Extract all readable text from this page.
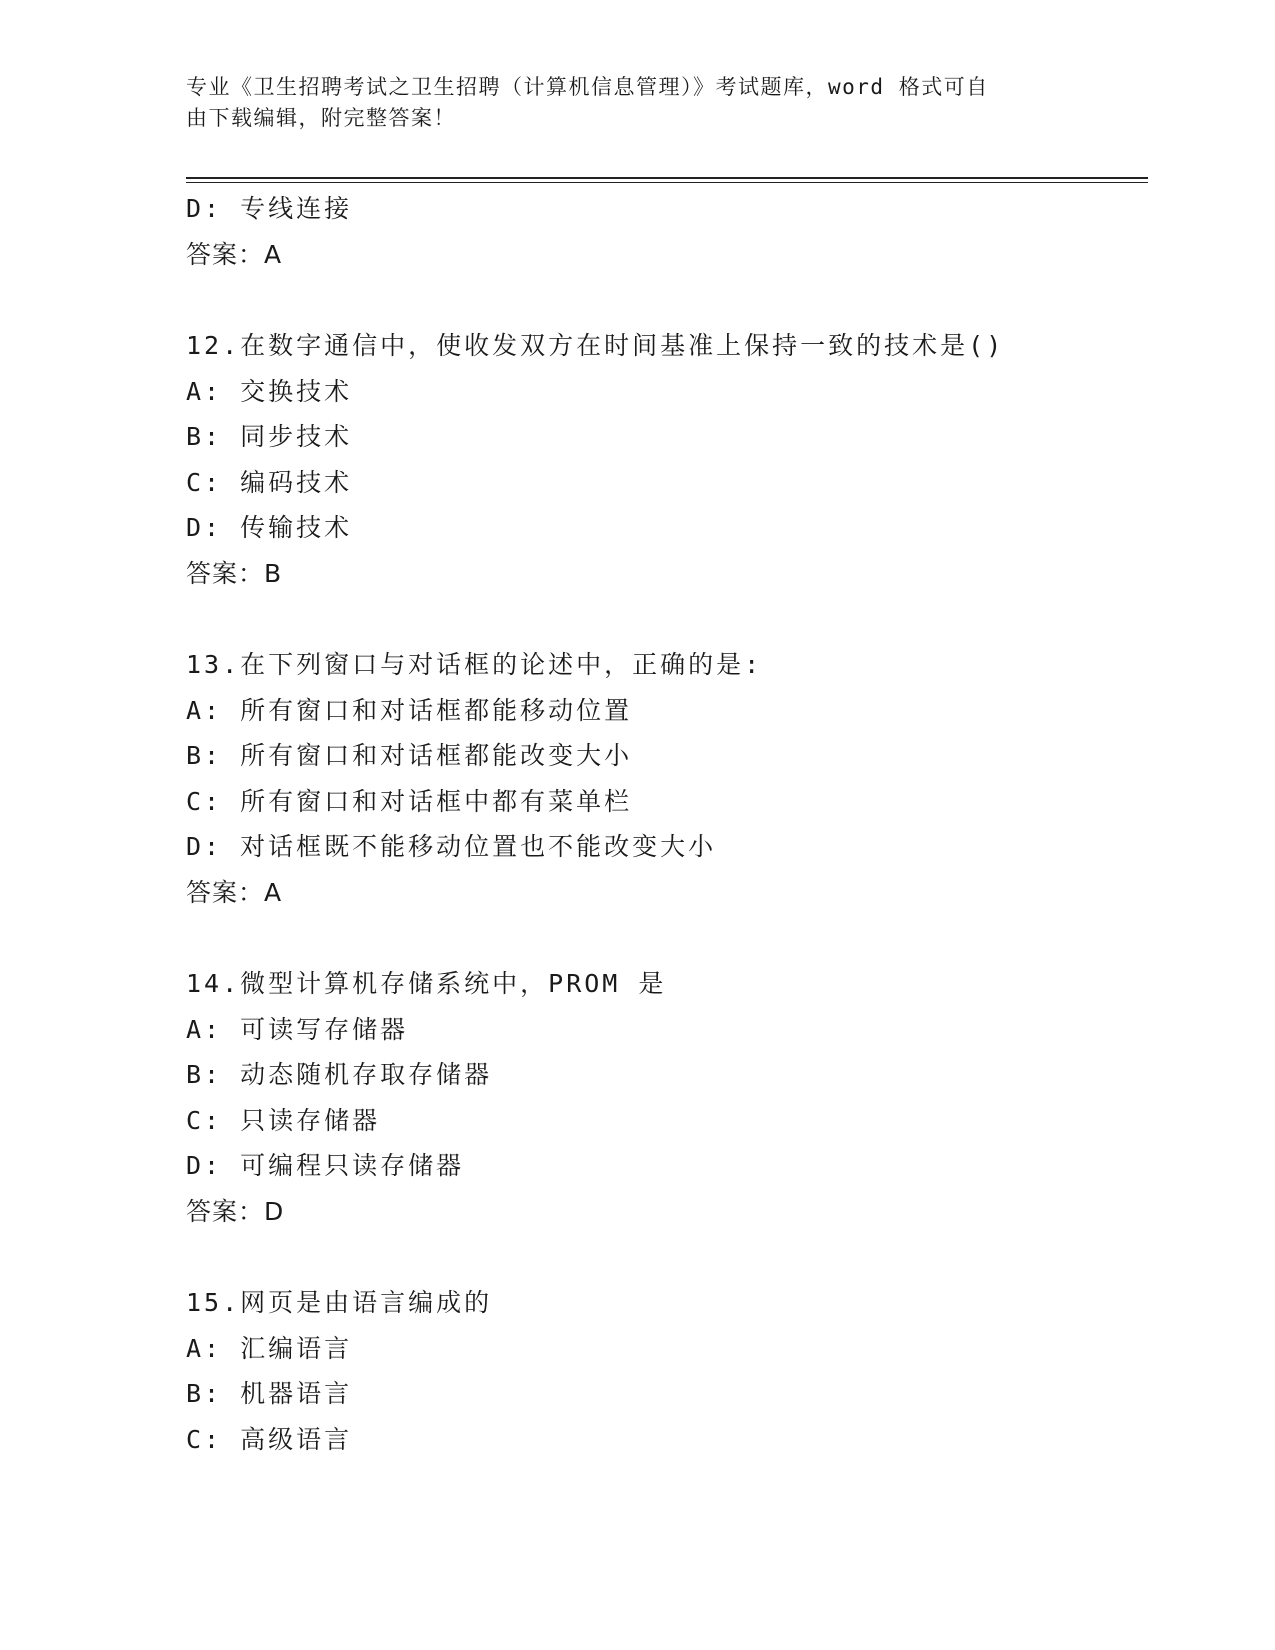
专业《卫生招聘考试之卫生招聘（计算机信息管理）》考试题库，word 格式可自
由下载编辑，附完整答案！
D: 专线连接
答案：A
12.在数字通信中，使收发双方在时间基准上保持一致的技术是()
A: 交换技术
B: 同步技术
C: 编码技术
D: 传输技术
答案：B
13.在下列窗口与对话框的论述中，正确的是:
A: 所有窗口和对话框都能移动位置
B: 所有窗口和对话框都能改变大小
C: 所有窗口和对话框中都有菜单栏
D: 对话框既不能移动位置也不能改变大小
答案：A
14.微型计算机存储系统中，PROM 是
A: 可读写存储器
B: 动态随机存取存储器
C: 只读存储器
D: 可编程只读存储器
答案：D
15.网页是由语言编成的
A: 汇编语言
B: 机器语言
C: 高级语言
